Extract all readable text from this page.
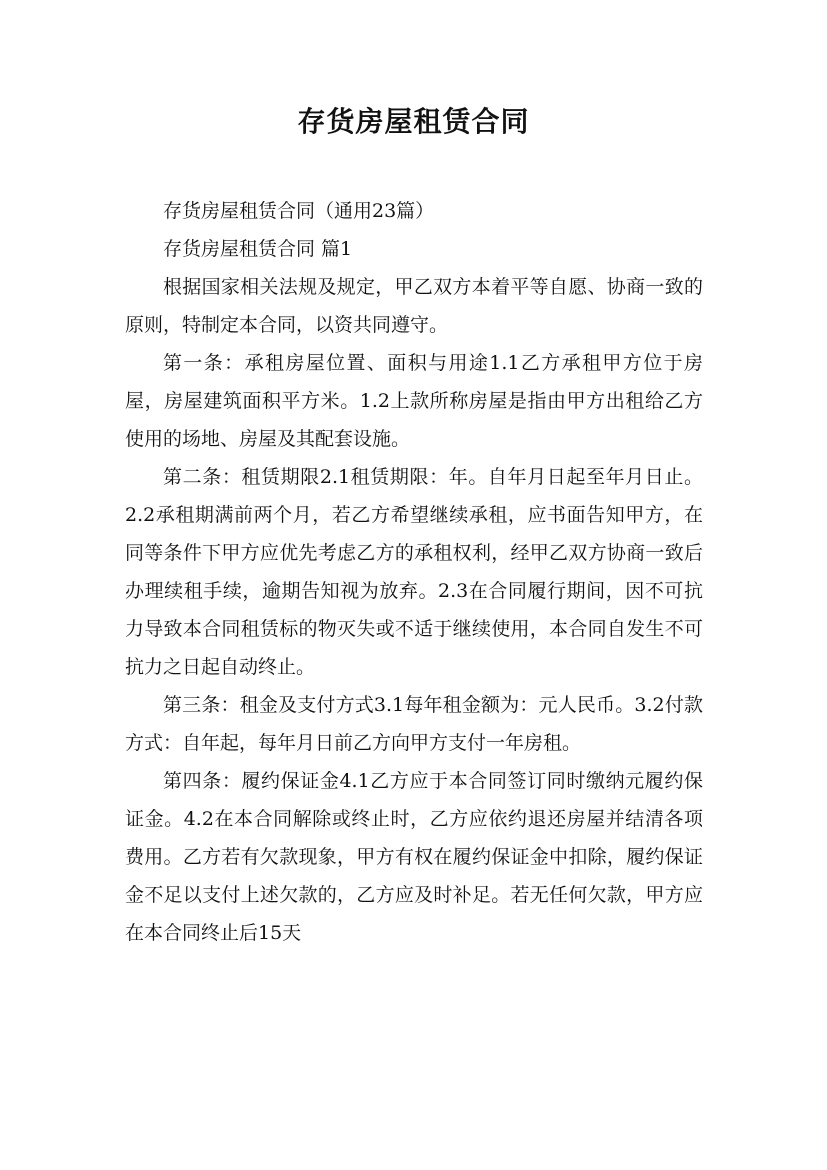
存货房屋租赁合同

存货房屋租赁合同（通用23篇）

存货房屋租赁合同 篇1

根据国家相关法规及规定，甲乙双方本着平等自愿、协商一致的原则，特制定本合同，以资共同遵守。

第一条：承租房屋位置、面积与用途1.1乙方承租甲方位于房屋，房屋建筑面积平方米。1.2上款所称房屋是指由甲方出租给乙方使用的场地、房屋及其配套设施。

第二条：租赁期限2.1租赁期限：年。自年月日起至年月日止。2.2承租期满前两个月，若乙方希望继续承租，应书面告知甲方，在同等条件下甲方应优先考虑乙方的承租权利，经甲乙双方协商一致后办理续租手续，逾期告知视为放弃。2.3在合同履行期间，因不可抗力导致本合同租赁标的物灭失或不适于继续使用，本合同自发生不可抗力之日起自动终止。

第三条：租金及支付方式3.1每年租金额为：元人民币。3.2付款方式：自年起，每年月日前乙方向甲方支付一年房租。

第四条：履约保证金4.1乙方应于本合同签订同时缴纳元履约保证金。4.2在本合同解除或终止时，乙方应依约退还房屋并结清各项费用。乙方若有欠款现象，甲方有权在履约保证金中扣除，履约保证金不足以支付上述欠款的，乙方应及时补足。若无任何欠款，甲方应在本合同终止后15天
